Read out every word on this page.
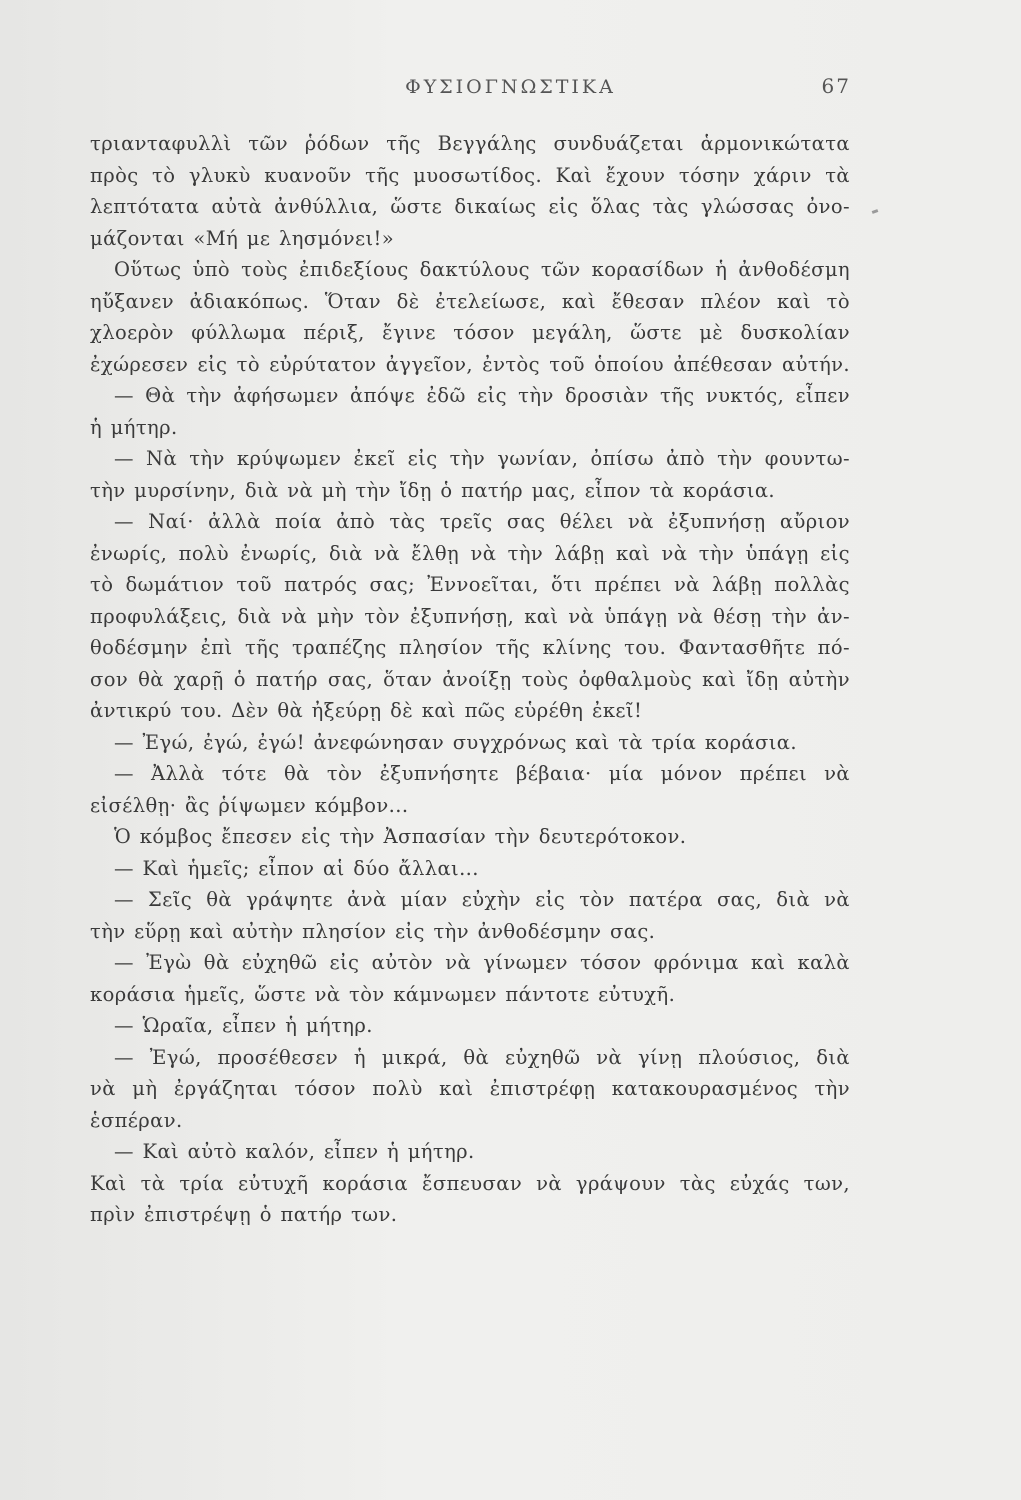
ΦΥΣΙΟΓΝΩΣΤΙΚΑ	67
τριανταφυλλὶ τῶν ῥόδων τῆς Βεγγάλης συνδυάζεται ἁρμονικώτατα
πρὸς τὸ γλυκὺ κυανοῦν τῆς μυοσωτίδος. Καὶ ἔχουν τόσην χάριν τὰ
λεπτότατα αὐτὰ ἀνθύλλια, ὥστε δικαίως εἰς ὅλας τὰς γλώσσας ὀνο-
μάζονται «Μή με λησμόνει!»
Οὕτως ὑπὸ τοὺς ἐπιδεξίους δακτύλους τῶν κορασίδων ἡ ἀνθοδέσμη
ηὔξανεν ἀδιακόπως. Ὅταν δὲ ἐτελείωσε, καὶ ἔθεσαν πλέον καὶ τὸ
χλοερὸν φύλλωμα πέριξ, ἔγινε τόσον μεγάλη, ὥστε μὲ δυσκολίαν
ἐχώρεσεν εἰς τὸ εὐρύτατον ἀγγεῖον, ἐντὸς τοῦ ὁποίου ἀπέθεσαν αὐτήν.
— Θὰ τὴν ἀφήσωμεν ἀπόψε ἐδῶ εἰς τὴν δροσιὰν τῆς νυκτός, εἶπεν
ἡ μήτηρ.
— Νὰ τὴν κρύψωμεν ἐκεῖ εἰς τὴν γωνίαν, ὀπίσω ἀπὸ τὴν φουντω-
τὴν μυρσίνην, διὰ νὰ μὴ τὴν ἴδῃ ὁ πατήρ μας, εἶπον τὰ κοράσια.
— Ναί· ἀλλὰ ποία ἀπὸ τὰς τρεῖς σας θέλει νὰ ἐξυπνήσῃ αὔριον
ἐνωρίς, πολὺ ἐνωρίς, διὰ νὰ ἔλθῃ νὰ τὴν λάβῃ καὶ νὰ τὴν ὑπάγῃ εἰς
τὸ δωμάτιον τοῦ πατρός σας; Ἐννοεῖται, ὅτι πρέπει νὰ λάβῃ πολλὰς
προφυλάξεις, διὰ νὰ μὴν τὸν ἐξυπνήσῃ, καὶ νὰ ὑπάγῃ νὰ θέσῃ τὴν ἀν-
θοδέσμην ἐπὶ τῆς τραπέζης πλησίον τῆς κλίνης του. Φαντασθῆτε πό-
σον θὰ χαρῇ ὁ πατήρ σας, ὅταν ἀνοίξῃ τοὺς ὀφθαλμοὺς καὶ ἴδῃ αὐτὴν
ἀντικρύ του. Δὲν θὰ ἠξεύρῃ δὲ καὶ πῶς εὑρέθη ἐκεῖ!
— Ἐγώ, ἐγώ, ἐγώ! ἀνεφώνησαν συγχρόνως καὶ τὰ τρία κοράσια.
— Ἀλλὰ τότε θὰ τὸν ἐξυπνήσητε βέβαια· μία μόνον πρέπει νὰ
εἰσέλθῃ· ἂς ῥίψωμεν κόμβον...
Ὁ κόμβος ἔπεσεν εἰς τὴν Ἀσπασίαν τὴν δευτερότοκον.
— Καὶ ἡμεῖς; εἶπον αἱ δύο ἄλλαι...
— Σεῖς θὰ γράψητε ἀνὰ μίαν εὐχὴν εἰς τὸν πατέρα σας, διὰ νὰ
τὴν εὕρῃ καὶ αὐτὴν πλησίον εἰς τὴν ἀνθοδέσμην σας.
— Ἐγὼ θὰ εὐχηθῶ εἰς αὐτὸν νὰ γίνωμεν τόσον φρόνιμα καὶ καλὰ
κοράσια ἡμεῖς, ὥστε νὰ τὸν κάμνωμεν πάντοτε εὐτυχῆ.
— Ὡραῖα, εἶπεν ἡ μήτηρ.
— Ἐγώ, προσέθεσεν ἡ μικρά, θὰ εὐχηθῶ νὰ γίνῃ πλούσιος, διὰ
νὰ μὴ ἐργάζηται τόσον πολὺ καὶ ἐπιστρέφῃ κατακουρασμένος τὴν
ἑσπέραν.
— Καὶ αὐτὸ καλόν, εἶπεν ἡ μήτηρ.
Καὶ τὰ τρία εὐτυχῆ κοράσια ἔσπευσαν νὰ γράψουν τὰς εὐχάς των,
πρὶν ἐπιστρέψῃ ὁ πατήρ των.
